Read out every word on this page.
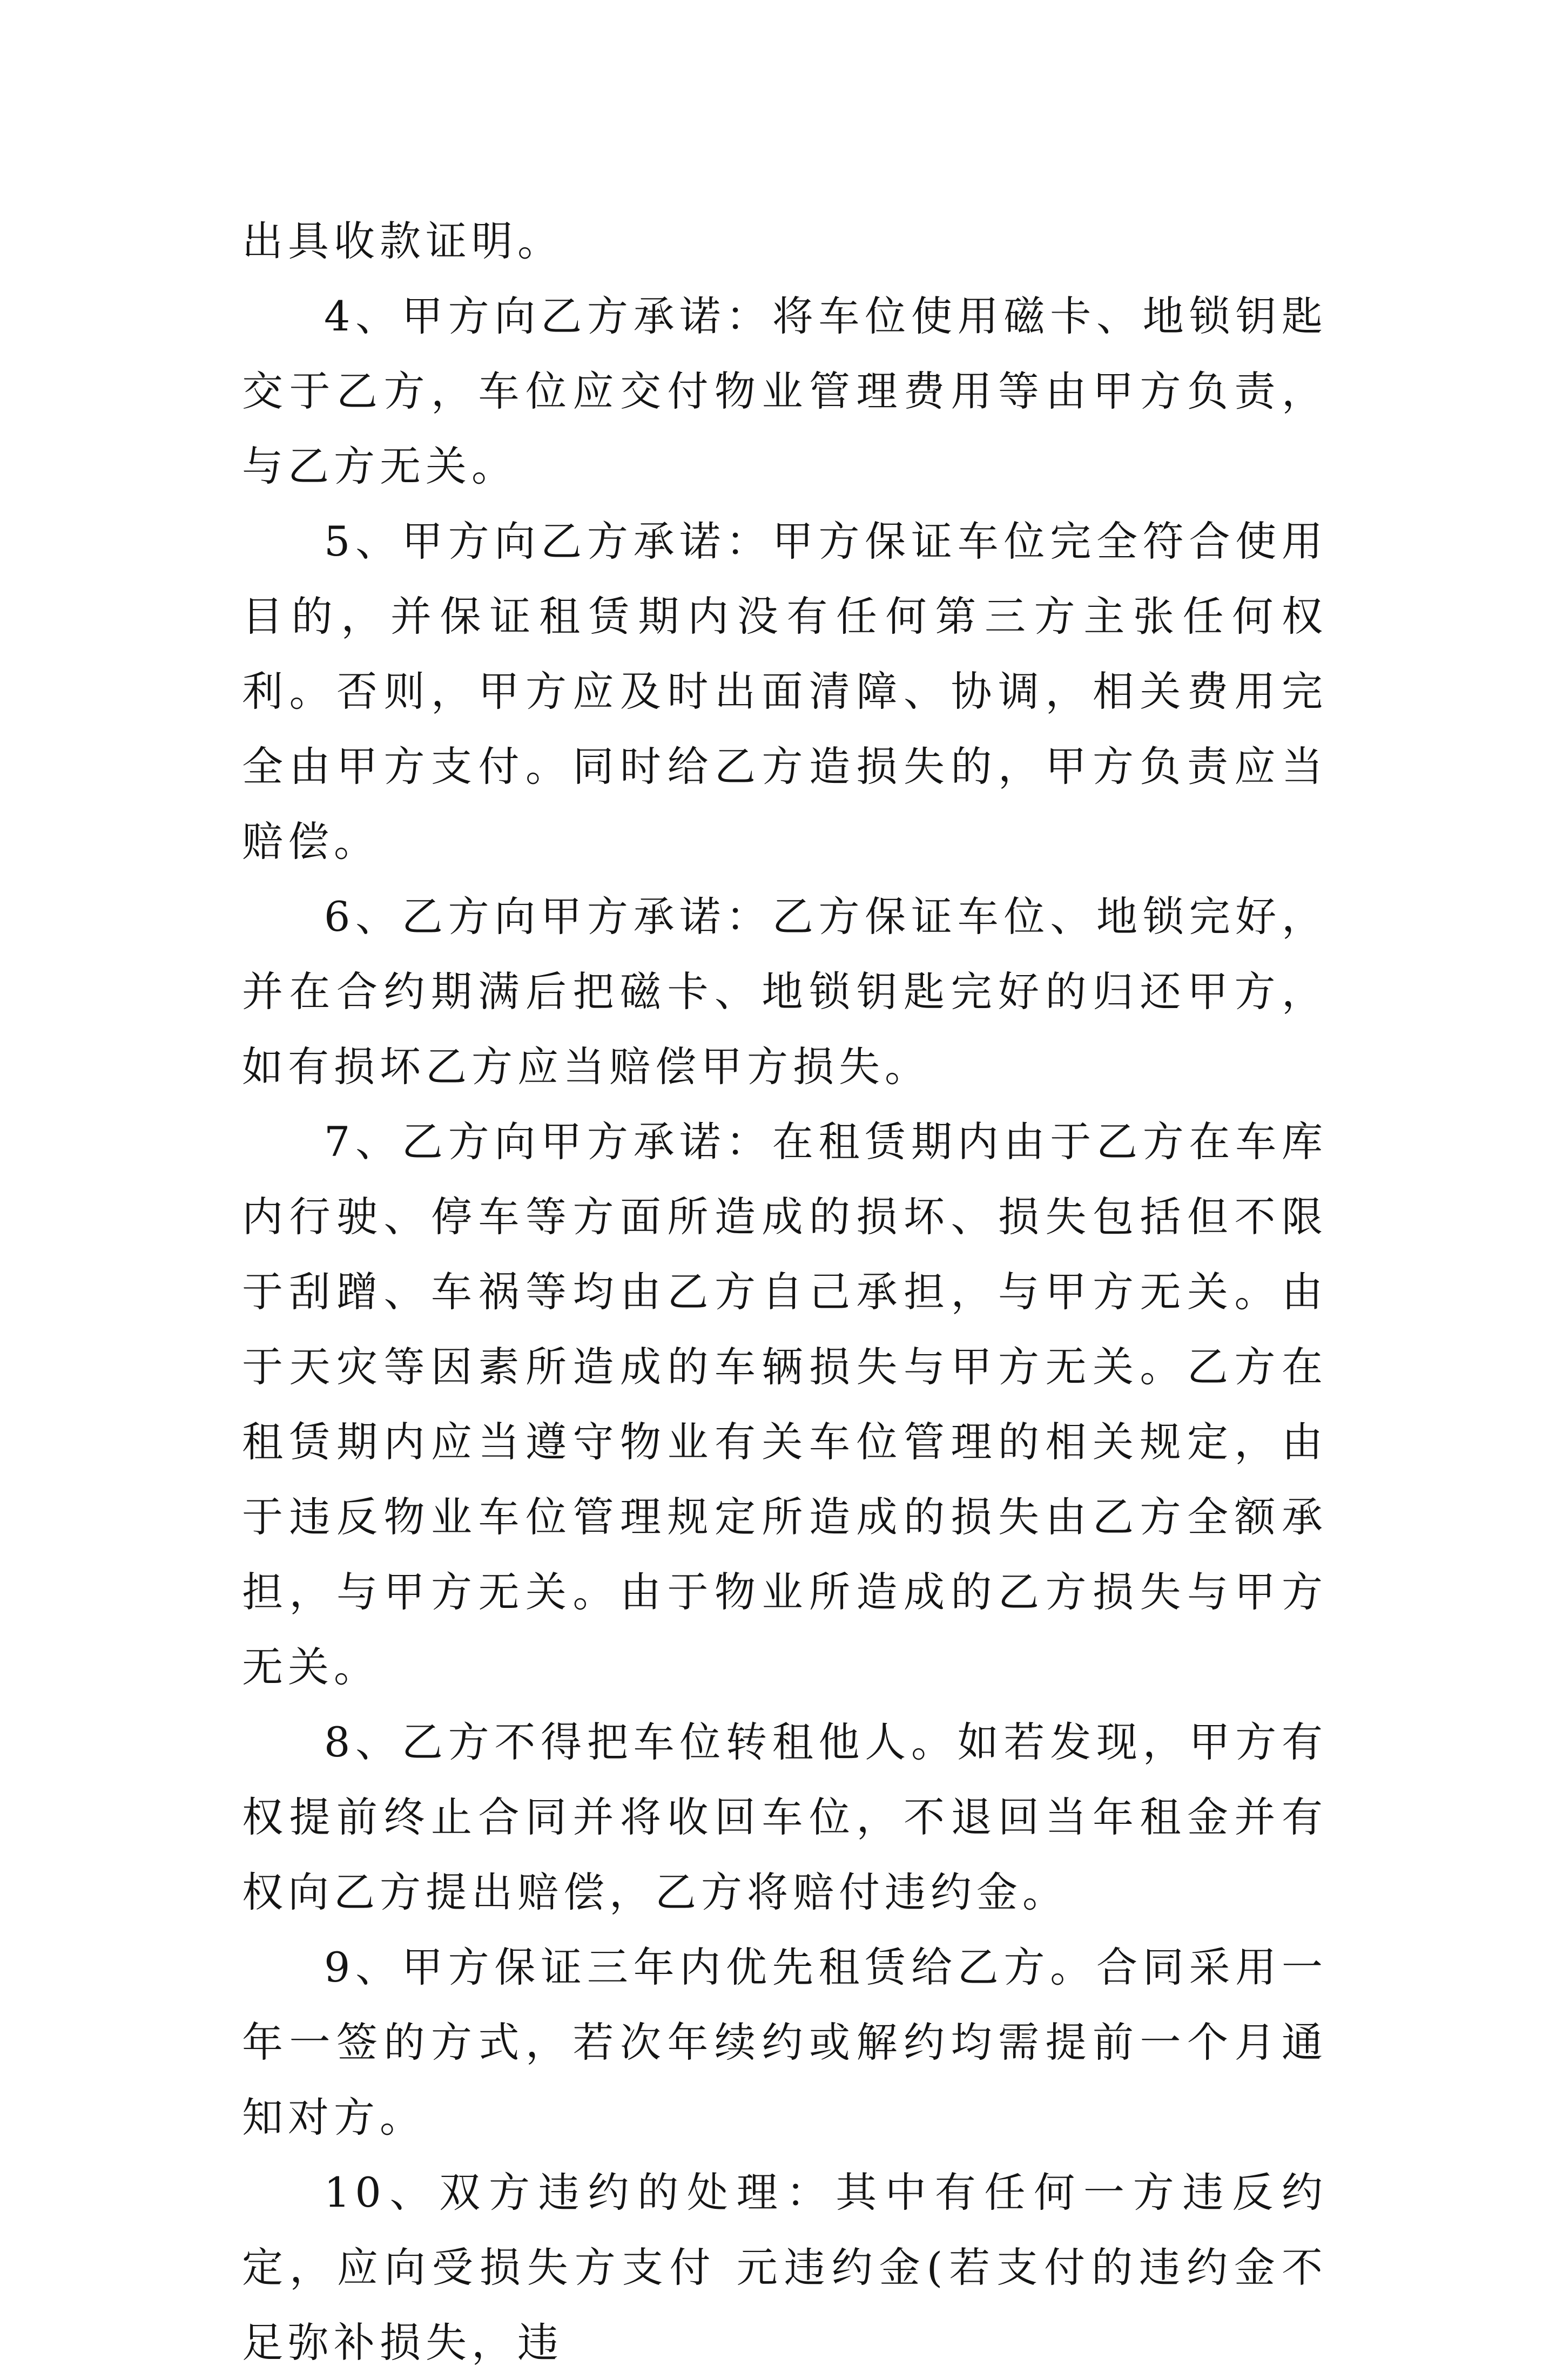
出具收款证明。

4、甲方向乙方承诺：将车位使用磁卡、地锁钥匙交于乙方，车位应交付物业管理费用等由甲方负责，与乙方无关。

5、甲方向乙方承诺：甲方保证车位完全符合使用目的，并保证租赁期内没有任何第三方主张任何权利。否则，甲方应及时出面清障、协调，相关费用完全由甲方支付。同时给乙方造损失的，甲方负责应当赔偿。

6、乙方向甲方承诺：乙方保证车位、地锁完好，并在合约期满后把磁卡、地锁钥匙完好的归还甲方，如有损坏乙方应当赔偿甲方损失。

7、乙方向甲方承诺：在租赁期内由于乙方在车库内行驶、停车等方面所造成的损坏、损失包括但不限于刮蹭、车祸等均由乙方自己承担，与甲方无关。由于天灾等因素所造成的车辆损失与甲方无关。乙方在租赁期内应当遵守物业有关车位管理的相关规定，由于违反物业车位管理规定所造成的损失由乙方全额承担，与甲方无关。由于物业所造成的乙方损失与甲方无关。

8、乙方不得把车位转租他人。如若发现，甲方有权提前终止合同并将收回车位，不退回当年租金并有权向乙方提出赔偿，乙方将赔付违约金。

9、甲方保证三年内优先租赁给乙方。合同采用一年一签的方式，若次年续约或解约均需提前一个月通知对方。

10、双方违约的处理：其中有任何一方违反约定，应向受损失方支付 元违约金(若支付的违约金不足弥补损失，违
